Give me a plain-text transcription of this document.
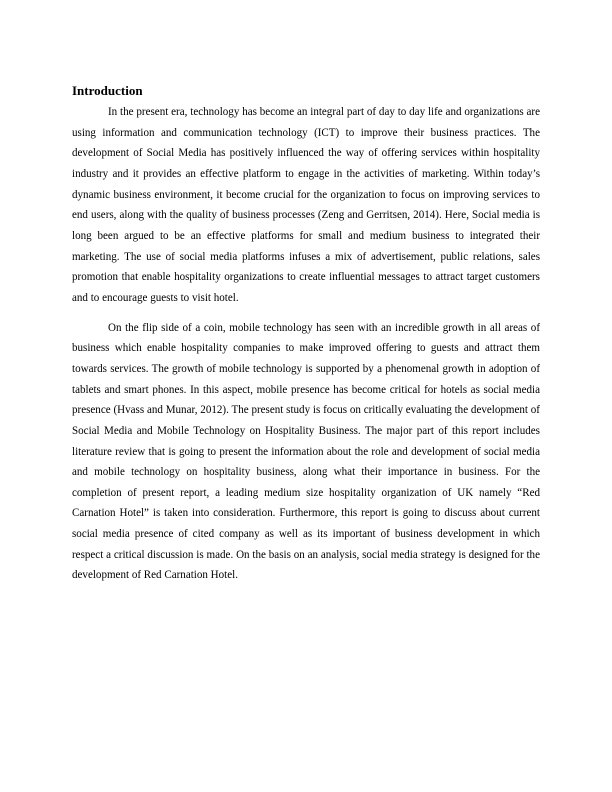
Introduction

In the present era, technology has become an integral part of day to day life and organizations are using information and communication technology (ICT) to improve their business practices. The development of Social Media has positively influenced the way of offering services within hospitality industry and it provides an effective platform to engage in the activities of marketing. Within today’s dynamic business environment, it become crucial for the organization to focus on improving services to end users, along with the quality of business processes (Zeng and Gerritsen, 2014). Here, Social media is long been argued to be an effective platforms for small and medium business to integrated their marketing. The use of social media platforms infuses a mix of advertisement, public relations, sales promotion that enable hospitality organizations to create influential messages to attract target customers and to encourage guests to visit hotel.

On the flip side of a coin, mobile technology has seen with an incredible growth in all areas of business which enable hospitality companies to make improved offering to guests and attract them towards services. The growth of mobile technology is supported by a phenomenal growth in adoption of tablets and smart phones. In this aspect, mobile presence has become critical for hotels as social media presence (Hvass and Munar, 2012). The present study is focus on critically evaluating the development of Social Media and Mobile Technology on Hospitality Business. The major part of this report includes literature review that is going to present the information about the role and development of social media and mobile technology on hospitality business, along what their importance in business. For the completion of present report, a leading medium size hospitality organization of UK namely “Red Carnation Hotel” is taken into consideration. Furthermore, this report is going to discuss about current social media presence of cited company as well as its important of business development in which respect a critical discussion is made. On the basis on an analysis, social media strategy is designed for the development of Red Carnation Hotel.
